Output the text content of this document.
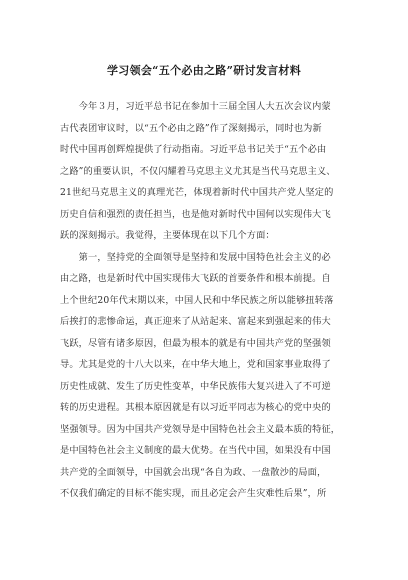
学习领会“五个必由之路”研讨发言材料
　　今年３月，习近平总书记在参加十三届全国人大五次会议内蒙
古代表团审议时，以“五个必由之路”作了深刻揭示，同时也为新
时代中国再创辉煌提供了行动指南。习近平总书记关于“五个必由
之路”的重要认识，不仅闪耀着马克思主义尤其是当代马克思主义、
21世纪马克思主义的真理光芒，体现着新时代中国共产党人坚定的
历史自信和强烈的责任担当，也是他对新时代中国何以实现伟大飞
跃的深刻揭示。我觉得，主要体现在以下几个方面：
　　第一，坚持党的全面领导是坚持和发展中国特色社会主义的必
由之路，也是新时代中国实现伟大飞跃的首要条件和根本前提。自
上个世纪20年代末期以来，中国人民和中华民族之所以能够扭转落
后挨打的悲惨命运，真正迎来了从站起来、富起来到强起来的伟大
飞跃，尽管有诸多原因，但最为根本的就是有中国共产党的坚强领
导。尤其是党的十八大以来，在中华大地上，党和国家事业取得了
历史性成就、发生了历史性变革，中华民族伟大复兴进入了不可逆
转的历史进程。其根本原因就是有以习近平同志为核心的党中央的
坚强领导。因为中国共产党领导是中国特色社会主义最本质的特征，
是中国特色社会主义制度的最大优势。在当代中国，如果没有中国
共产党的全面领导，中国就会出现“各自为政、一盘散沙的局面，
不仅我们确定的目标不能实现，而且必定会产生灾难性后果”，所
